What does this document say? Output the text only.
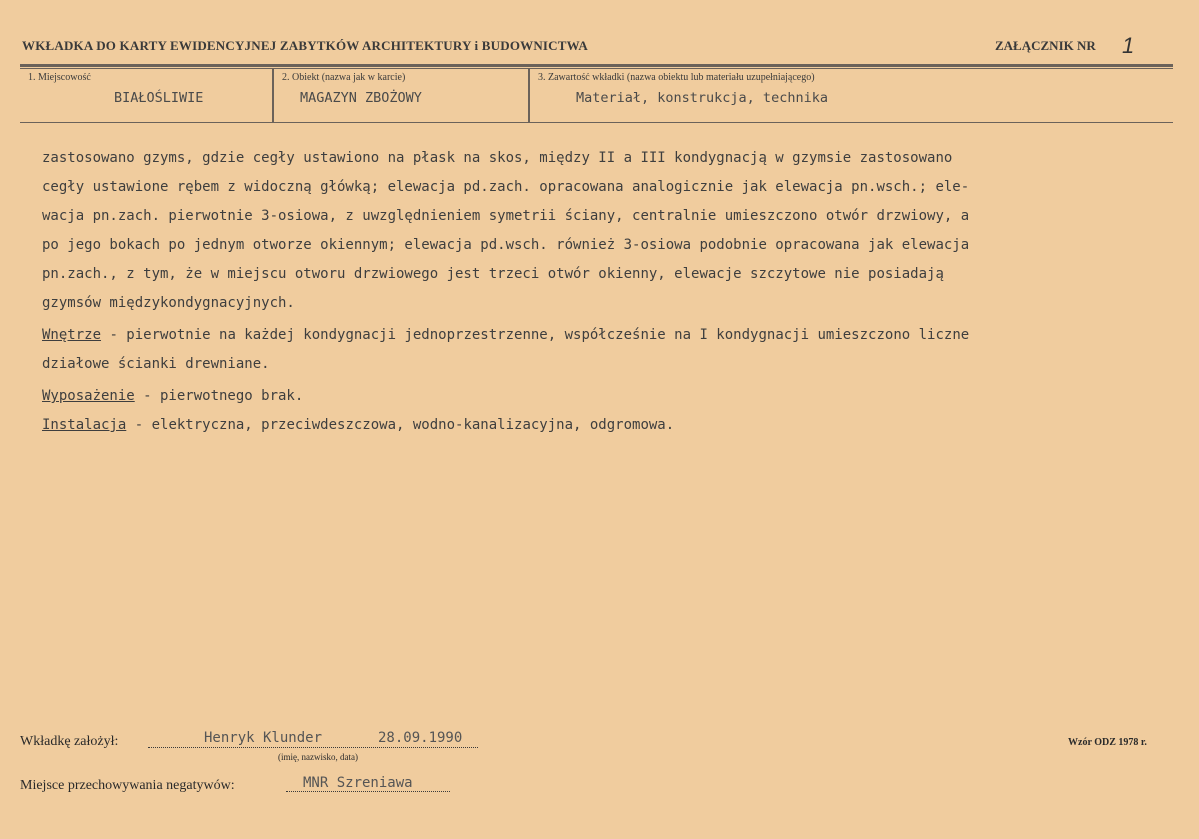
WKŁADKA DO KARTY EWIDENCYJNEJ ZABYTKÓW ARCHITEKTURY i BUDOWNICTWA	ZAŁĄCZNIK NR 1
1. Miejscowość
BIAŁOŚLIWIE
2. Obiekt (nazwa jak w karcie)
MAGAZYN ZBOŻOWY
3. Zawartość wkładki (nazwa obiektu lub materiału uzupełniającego)
Materiał, konstrukcja, technika
zastosowano gzyms, gdzie cegły ustawiono na płask na skos, między II a III kondygnacją w gzymsie zastosowano
cegły ustawione rębem z widoczną główką; elewacja pd.zach. opracowana analogicznie jak elewacja pn.wsch.; ele-
wacja pn.zach. pierwotnie 3-osiowa, z uwzględnieniem symetrii ściany, centralnie umieszczono otwór drzwiowy, a
po jego bokach po jednym otworze okiennym; elewacja pd.wsch. również 3-osiowa podobnie opracowana jak elewacja
pn.zach., z tym, że w miejscu otworu drzwiowego jest trzeci otwór okienny, elewacje szczytowe nie posiadają
gzymsów międzykondygnacyjnych.
Wnętrze - pierwotnie na każdej kondygnacji jednoprzestrzenne, współcześnie na I kondygnacji umieszczono liczne
działowe ścianki drewniane.
Wyposażenie - pierwotnego brak.
Instalacja - elektryczna, przeciwdeszczowa, wodno-kanalizacyjna, odgromowa.
Wkładkę założył:	Henryk Klunder	28.09.1990
(imię, nazwisko, data)
Miejsce przechowywania negatywów:	MNR Szreniawa
Wzór ODZ 1978 r.
